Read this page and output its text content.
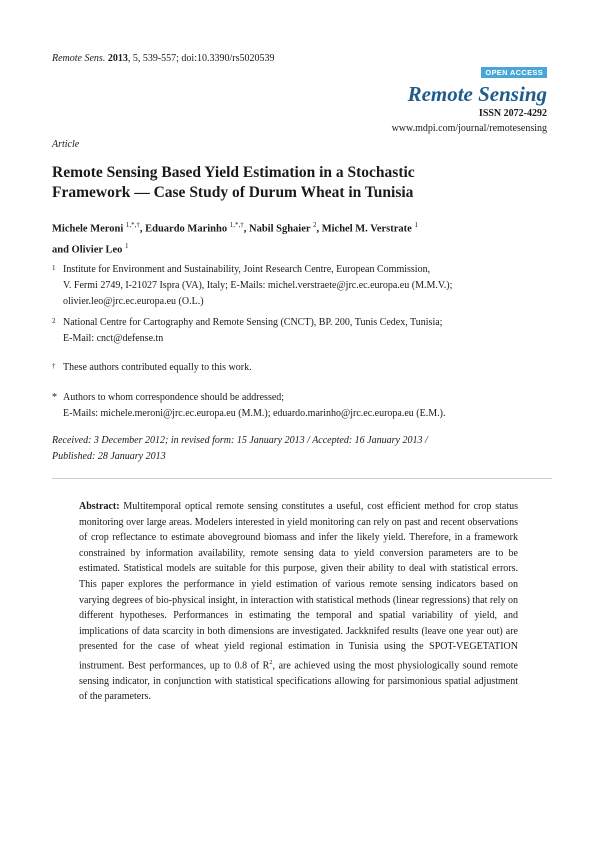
Remote Sens. 2013, 5, 539-557; doi:10.3390/rs5020539
OPEN ACCESS
Remote Sensing
ISSN 2072-4292
www.mdpi.com/journal/remotesensing
Article
Remote Sensing Based Yield Estimation in a Stochastic
Framework — Case Study of Durum Wheat in Tunisia
Michele Meroni $^{1,*,\dagger}$, Eduardo Marinho $^{1,*,\dagger}$, Nabil Sghaier $^2$, Michel M. Verstrate $^1$
and Olivier Leo $^1$
1 Institute for Environment and Sustainability, Joint Research Centre, European Commission,
V. Fermi 2749, I-21027 Ispra (VA), Italy; E-Mails: michel.verstraete@jrc.ec.europa.eu (M.M.V.);
olivier.leo@jrc.ec.europa.eu (O.L.)
2 National Centre for Cartography and Remote Sensing (CNCT), BP. 200, Tunis Cedex, Tunisia;
E-Mail: cnct@defense.tn
† These authors contributed equally to this work.
* Authors to whom correspondence should be addressed;
E-Mails: michele.meroni@jrc.ec.europa.eu (M.M.); eduardo.marinho@jrc.ec.europa.eu (E.M.).
Received: 3 December 2012; in revised form: 15 January 2013 / Accepted: 16 January 2013 /
Published: 28 January 2013
Abstract: Multitemporal optical remote sensing constitutes a useful, cost efficient method for crop status monitoring over large areas. Modelers interested in yield monitoring can rely on past and recent observations of crop reflectance to estimate aboveground biomass and infer the likely yield. Therefore, in a framework constrained by information availability, remote sensing data to yield conversion parameters are to be estimated. Statistical models are suitable for this purpose, given their ability to deal with statistical errors. This paper explores the performance in yield estimation of various remote sensing indicators based on varying degrees of bio-physical insight, in interaction with statistical methods (linear regressions) that rely on different hypotheses. Performances in estimating the temporal and spatial variability of yield, and implications of data scarcity in both dimensions are investigated. Jackknifed results (leave one year out) are presented for the case of wheat yield regional estimation in Tunisia using the SPOT-VEGETATION instrument. Best performances, up to 0.8 of $R^2$, are achieved using the most physiologically sound remote sensing indicator, in conjunction with statistical specifications allowing for parsimonious spatial adjustment of the parameters.
